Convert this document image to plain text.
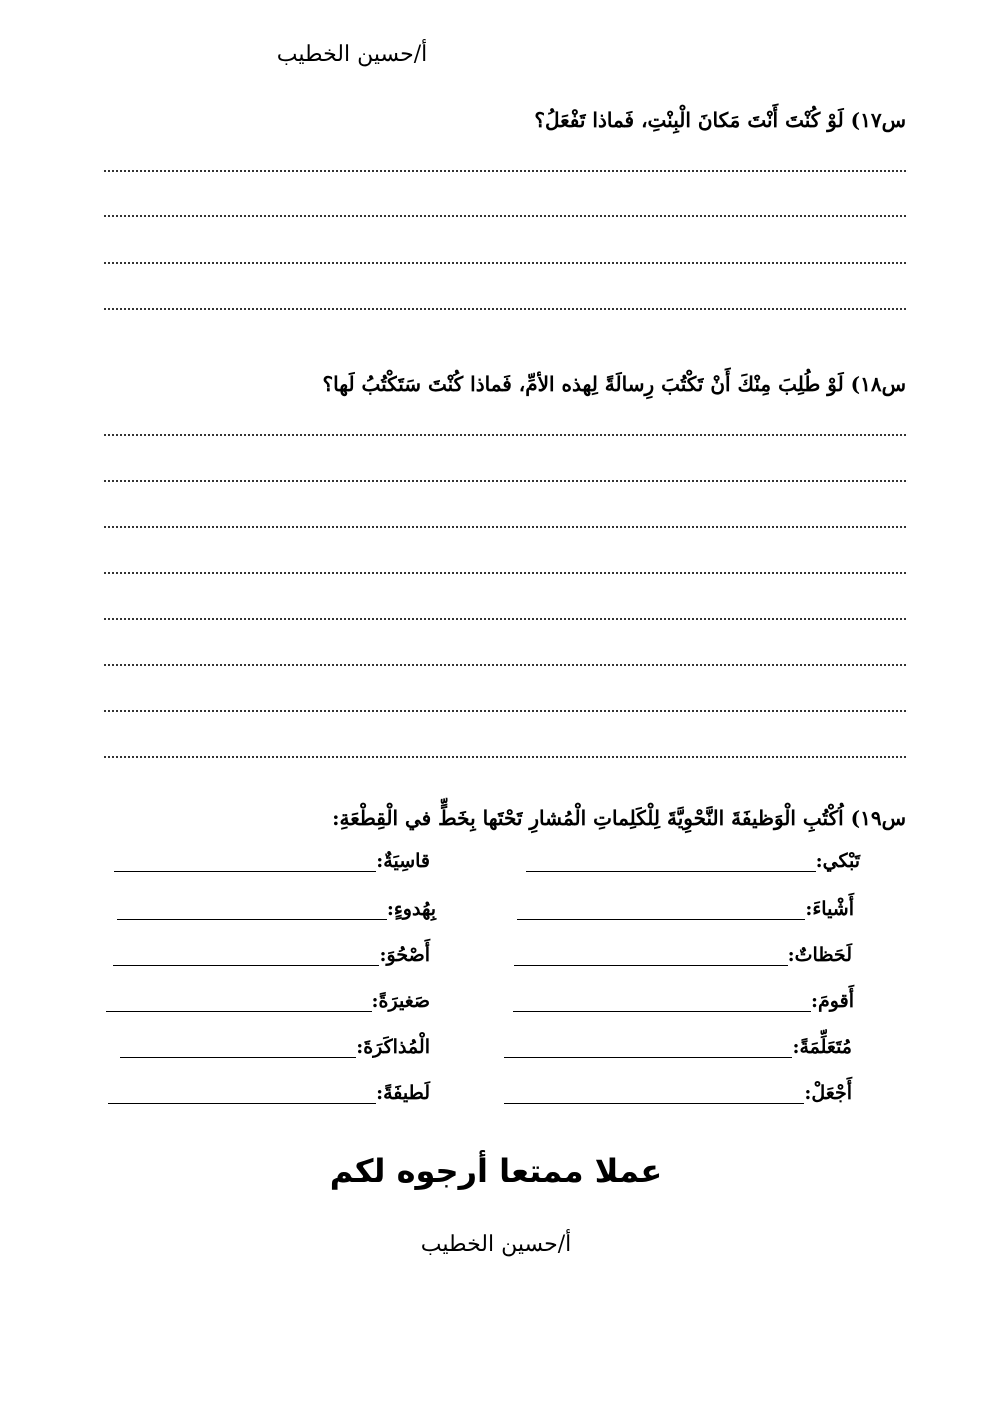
أ/حسين الخطيب
س١٧) لَوْ كُنْتَ أَنْتَ مَكانَ الْبِنْتِ، فَماذا تَفْعَلُ؟
س١٨) لَوْ طُلِبَ مِنْكَ أَنْ تَكْتُبَ رِسالَةً لِهذه الأمِّ، فَماذا كُنْتَ سَتَكْتُبُ لَها؟
س١٩) اُكْتُبِ الْوَظيفَةَ النَّحْوِيَّةَ لِلْكَلِماتِ الْمُشارِ تَحْتَها بِخَطٍّ في الْقِطْعَةِ:
تَبْكي:
أَشْياءَ:
لَحَظاتٌ:
أَقومَ:
مُتَعَلِّمَةً:
أَجْعَلْ:
قاسِيَةٌ:
بِهُدوءٍ:
أَصْحُوَ:
صَغيرَةً:
الْمُذاكَرَةَ:
لَطيفَةً:
عملا ممتعا أرجوه لكم
أ/حسين الخطيب
